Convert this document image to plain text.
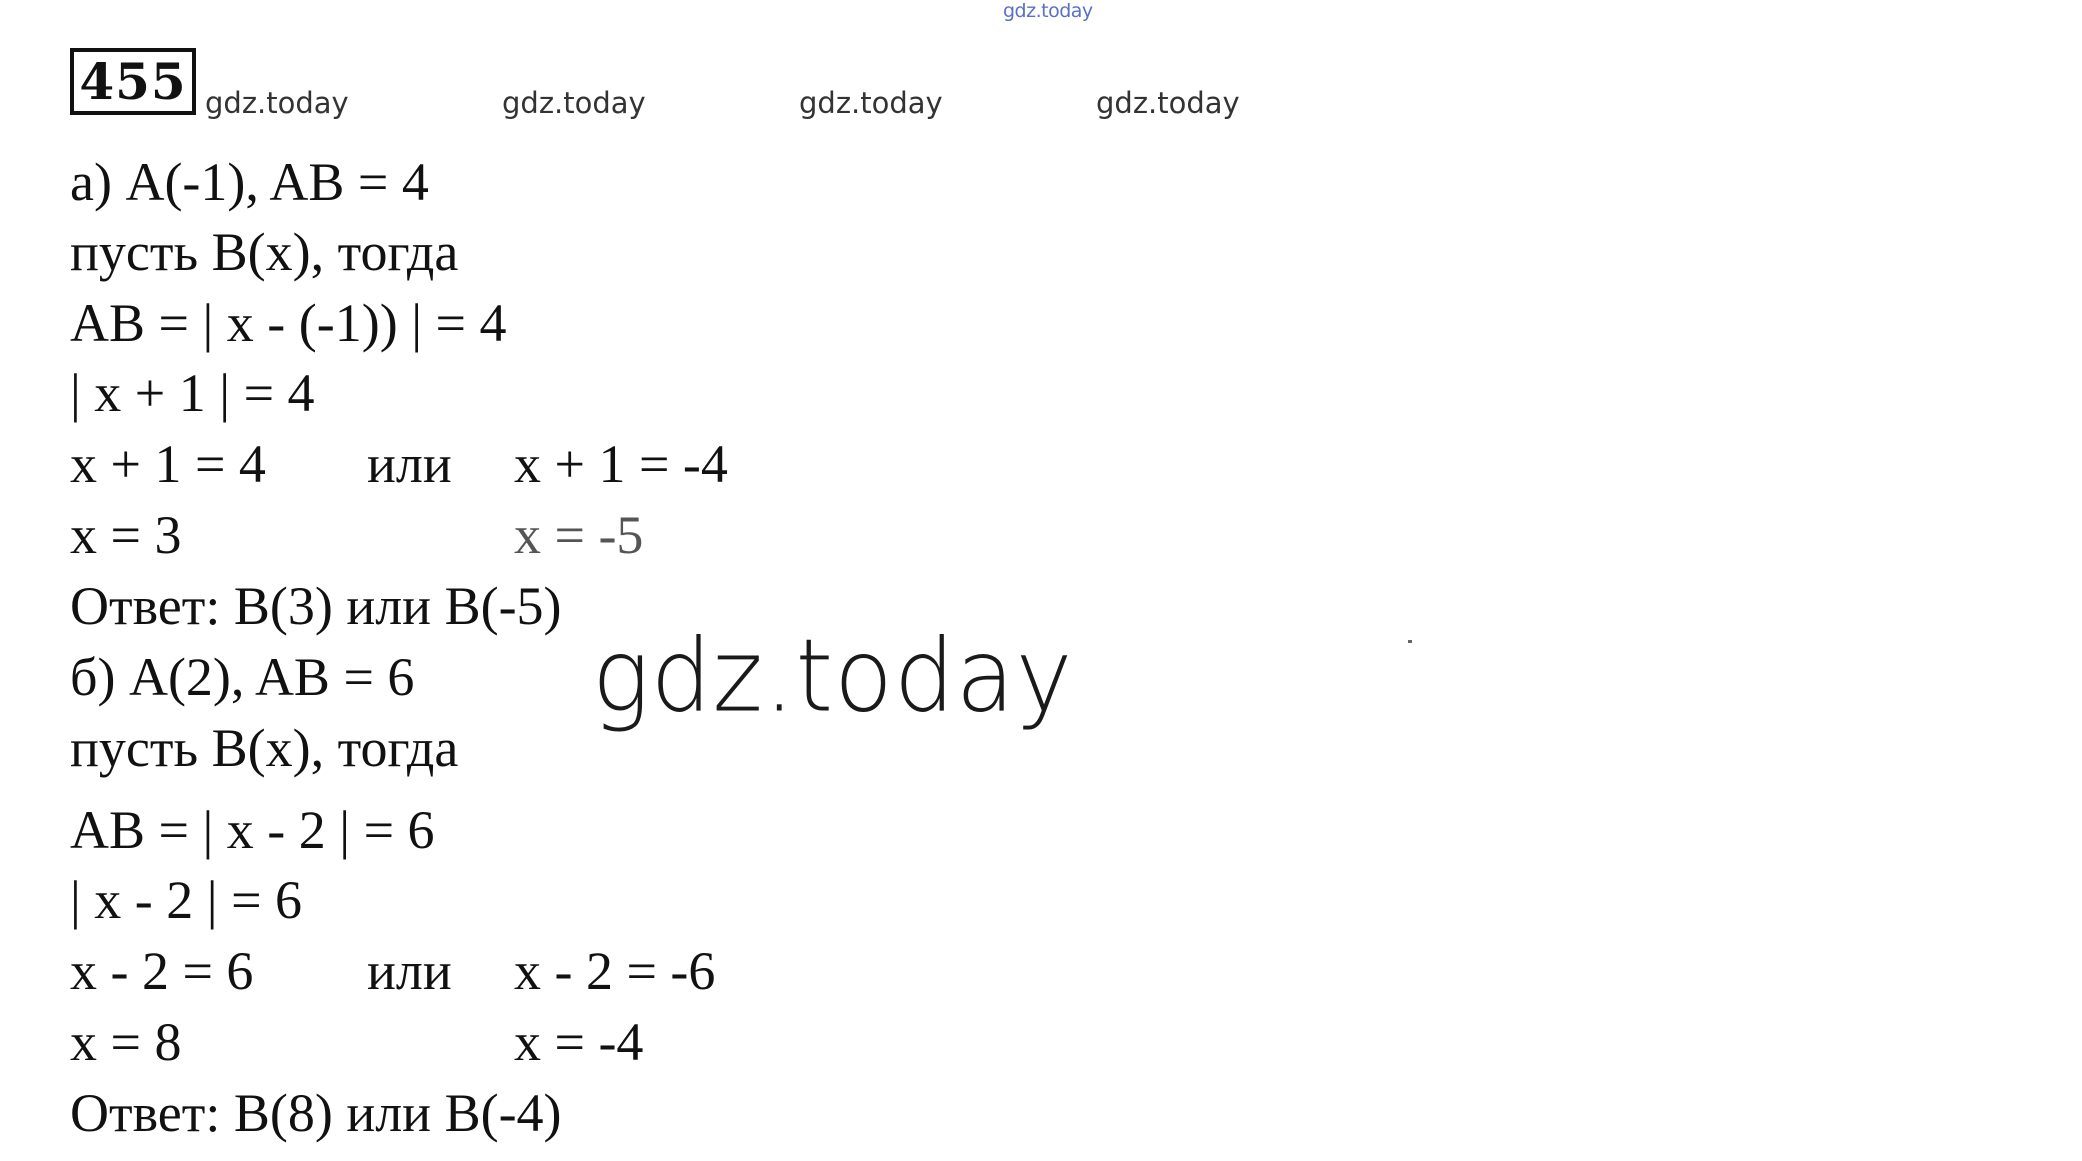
gdz.today
455 gdz.today	gdz.today	gdz.today	gdz.today
а) A(-1), AB = 4
пусть B(x), тогда
AB = | x - (-1)) | = 4
| x + 1 | = 4
x + 1 = 4 или x + 1 = -4
x = 3	x = -5
Ответ: B(3) или B(-5)
gdz.today
б) A(2), AB = 6
пусть B(x), тогда
AB = | x - 2 | = 6
| x - 2 | = 6
x - 2 = 6 или x - 2 = -6
x = 8	x = -4
Ответ: B(8) или B(-4)
